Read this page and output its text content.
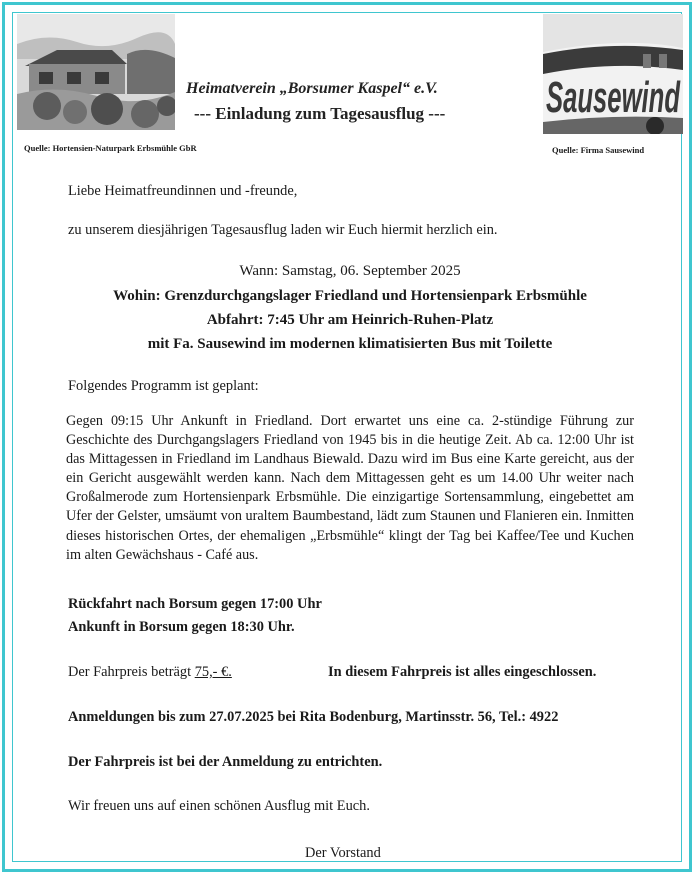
Quelle: Hortensien-Naturpark Erbsmühle GbR
Sausewind
Quelle: Firma Sausewind
Heimatverein „Borsumer Kaspel“ e.V.
--- Einladung zum Tagesausflug ---
Liebe Heimatfreundinnen und -freunde,
zu unserem diesjährigen Tagesausflug laden wir Euch hiermit herzlich ein.
Wann: Samstag, 06. September 2025
Wohin: Grenzdurchgangslager Friedland und Hortensienpark Erbsmühle
Abfahrt: 7:45 Uhr am Heinrich-Ruhen-Platz
mit Fa. Sausewind im modernen klimatisierten Bus mit Toilette
Folgendes Programm ist geplant:
Gegen 09:15 Uhr Ankunft in Friedland. Dort erwartet uns eine ca. 2-stündige Führung zur Geschichte des Durchgangslagers Friedland von 1945 bis in die heutige Zeit. Ab ca. 12:00 Uhr ist das Mittagessen in Friedland im Landhaus Biewald. Dazu wird im Bus eine Karte gereicht, aus der ein Gericht ausgewählt werden kann. Nach dem Mittagessen geht es um 14.00 Uhr weiter nach Großalmerode zum Hortensienpark Erbsmühle. Die einzigartige Sortensammlung, eingebettet am Ufer der Gelster, umsäumt von uraltem Baumbestand, lädt zum Staunen und Flanieren ein. Inmitten dieses historischen Ortes, der ehemaligen „Erbsmühle“ klingt der Tag bei Kaffee/Tee und Kuchen im alten Gewächshaus - Café aus.
Rückfahrt nach Borsum gegen 17:00 Uhr
Ankunft in Borsum gegen 18:30 Uhr.
Der Fahrpreis beträgt 75,- €.	In diesem Fahrpreis ist alles eingeschlossen.
Anmeldungen bis zum 27.07.2025 bei Rita Bodenburg, Martinsstr. 56, Tel.: 4922
Der Fahrpreis ist bei der Anmeldung zu entrichten.
Wir freuen uns auf einen schönen Ausflug mit Euch.
Der Vorstand
